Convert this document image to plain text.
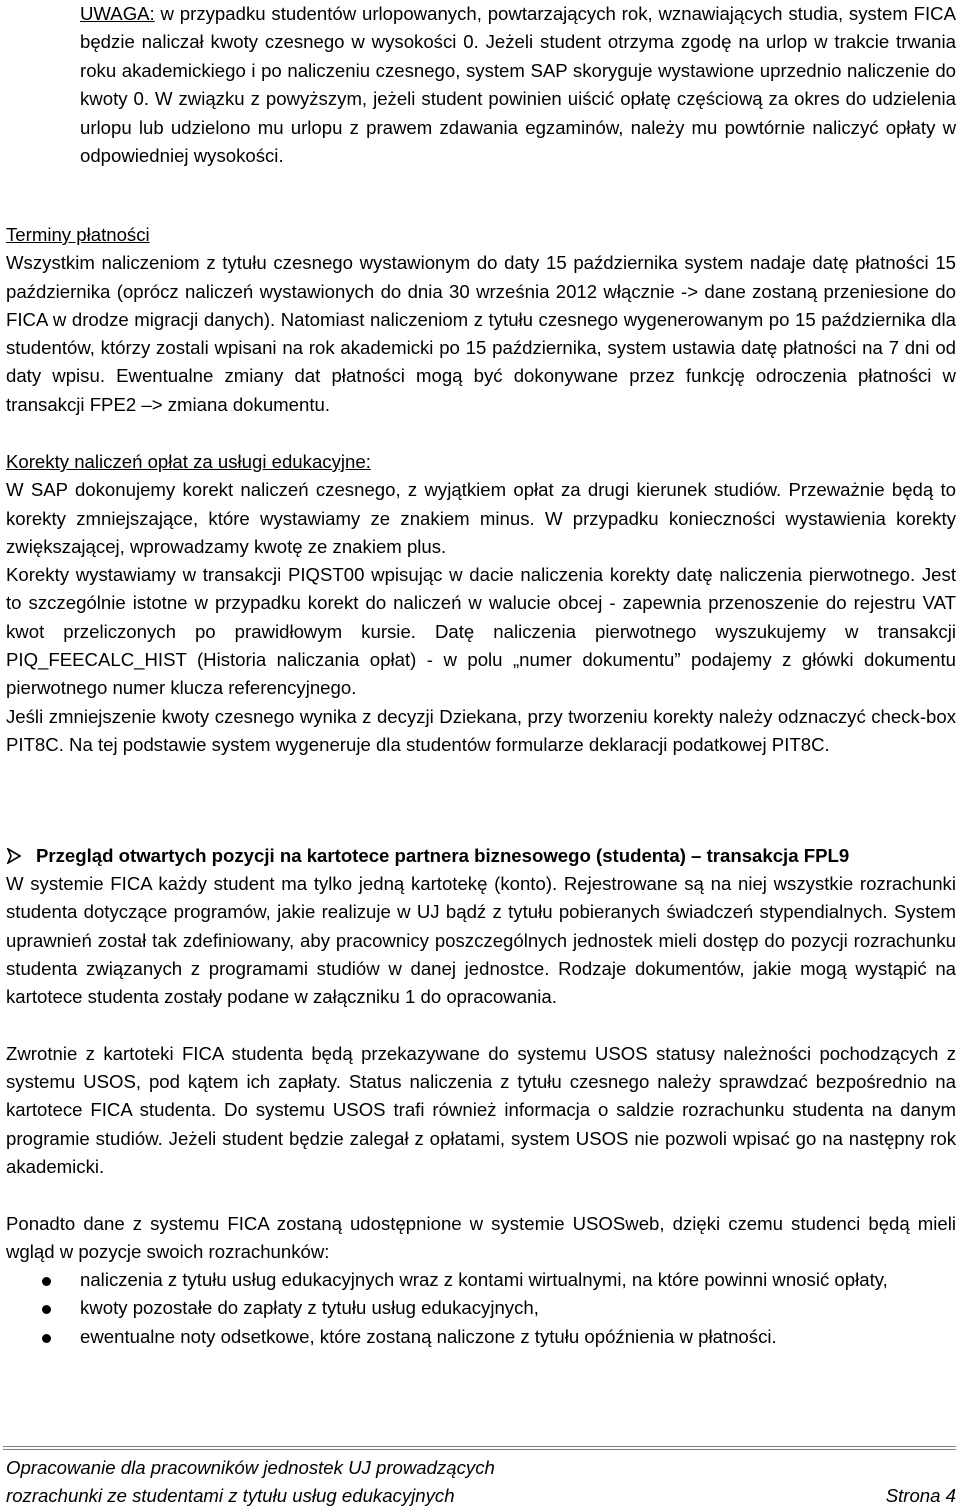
UWAGA: w przypadku studentów urlopowanych, powtarzających rok, wznawiających studia, system FICA będzie naliczał kwoty czesnego w wysokości 0. Jeżeli student otrzyma zgodę na urlop w trakcie trwania roku akademickiego i po naliczeniu czesnego, system SAP skoryguje wystawione uprzednio naliczenie do kwoty 0. W związku z powyższym, jeżeli student powinien uiścić opłatę częściową za okres do udzielenia urlopu lub udzielono mu urlopu z prawem zdawania egzaminów, należy mu powtórnie naliczyć opłaty w odpowiedniej wysokości.

Terminy płatności

Wszystkim naliczeniom z tytułu czesnego wystawionym do daty 15 października system nadaje datę płatności 15 października (oprócz naliczeń wystawionych do dnia 30 września 2012 włącznie -> dane zostaną przeniesione do FICA w drodze migracji danych). Natomiast naliczeniom z tytułu czesnego wygenerowanym po 15 października dla studentów, którzy zostali wpisani na rok akademicki po 15 października, system ustawia datę płatności na 7 dni od daty wpisu. Ewentualne zmiany dat płatności mogą być dokonywane przez funkcję odroczenia płatności w transakcji FPE2 –> zmiana dokumentu.

Korekty naliczeń opłat za usługi edukacyjne:

W SAP dokonujemy korekt naliczeń czesnego, z wyjątkiem opłat za drugi kierunek studiów. Przeważnie będą to korekty zmniejszające, które wystawiamy ze znakiem minus. W przypadku konieczności wystawienia korekty zwiększającej, wprowadzamy kwotę ze znakiem plus.

Korekty wystawiamy w transakcji PIQST00 wpisując w dacie naliczenia korekty datę naliczenia pierwotnego. Jest to szczególnie istotne w przypadku korekt do naliczeń w walucie obcej - zapewnia przenoszenie do rejestru VAT kwot przeliczonych po prawidłowym kursie. Datę naliczenia pierwotnego wyszukujemy w transakcji PIQ_FEECALC_HIST (Historia naliczania opłat) - w polu „numer dokumentu” podajemy z główki dokumentu pierwotnego numer klucza referencyjnego.

Jeśli zmniejszenie kwoty czesnego wynika z decyzji Dziekana, przy tworzeniu korekty należy odznaczyć check-box PIT8C. Na tej podstawie system wygeneruje dla studentów formularze deklaracji podatkowej PIT8C.

Przegląd otwartych pozycji na kartotece partnera biznesowego (studenta) – transakcja FPL9

W systemie FICA każdy student ma tylko jedną kartotekę (konto). Rejestrowane są na niej wszystkie rozrachunki studenta dotyczące programów, jakie realizuje w UJ bądź z tytułu pobieranych świadczeń stypendialnych. System uprawnień został tak zdefiniowany, aby pracownicy poszczególnych jednostek mieli dostęp do pozycji rozrachunku studenta związanych z programami studiów w danej jednostce. Rodzaje dokumentów, jakie mogą wystąpić na kartotece studenta zostały podane w załączniku 1 do opracowania.

Zwrotnie z kartoteki FICA studenta będą przekazywane do systemu USOS statusy należności pochodzących z systemu USOS, pod kątem ich zapłaty. Status naliczenia z tytułu czesnego należy sprawdzać bezpośrednio na kartotece FICA studenta. Do systemu USOS trafi również informacja o saldzie rozrachunku studenta na danym programie studiów. Jeżeli student będzie zalegał z opłatami, system USOS nie pozwoli wpisać go na następny rok akademicki.

Ponadto dane z systemu FICA zostaną udostępnione w systemie USOSweb, dzięki czemu studenci będą mieli wgląd w pozycje swoich rozrachunków:

naliczenia z tytułu usług edukacyjnych wraz z kontami wirtualnymi, na które powinni wnosić opłaty,
kwoty pozostałe do zapłaty z tytułu usług edukacyjnych,
ewentualne noty odsetkowe, które zostaną naliczone z tytułu opóźnienia w płatności.
Opracowanie dla pracowników jednostek UJ prowadzących
rozrachunki ze studentami z tytułu usług edukacyjnych	Strona 4
